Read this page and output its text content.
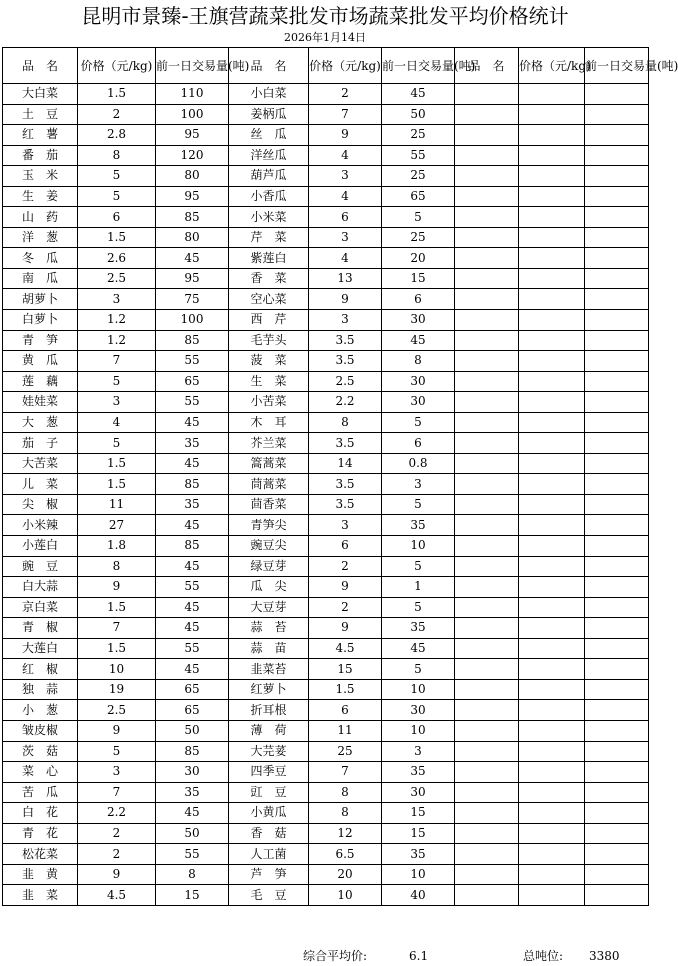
昆明市景臻-王旗营蔬菜批发市场蔬菜批发平均价格统计
2026年1月14日
品　名	价格（元/kg)	前一日交易量(吨)	品　名	价格（元/kg)	前一日交易量(吨)	品　名	价格（元/kg)	前一日交易量(吨)
大白菜	1.5	110	小白菜	2	45			
土　豆	2	100	姜柄瓜	7	50			
红　薯	2.8	95	丝　瓜	9	25			
番　茄	8	120	洋丝瓜	4	55			
玉　米	5	80	葫芦瓜	3	25			
生　姜	5	95	小香瓜	4	65			
山　药	6	85	小米菜	6	5			
洋　葱	1.5	80	芹　菜	3	25			
冬　瓜	2.6	45	紫莲白	4	20			
南　瓜	2.5	95	香　菜	13	15			
胡萝卜	3	75	空心菜	9	6			
白萝卜	1.2	100	西　芹	3	30			
青　笋	1.2	85	毛芋头	3.5	45			
黄　瓜	7	55	菠　菜	3.5	8			
莲　藕	5	65	生　菜	2.5	30			
娃娃菜	3	55	小苦菜	2.2	30			
大　葱	4	45	木　耳	8	5			
茄　子	5	35	芥兰菜	3.5	6			
大苦菜	1.5	45	篙蒿菜	14	0.8			
儿　菜	1.5	85	茼蒿菜	3.5	3			
尖　椒	11	35	茴香菜	3.5	5			
小米辣	27	45	青笋尖	3	35			
小莲白	1.8	85	豌豆尖	6	10			
豌　豆	8	45	绿豆芽	2	5			
白大蒜	9	55	瓜　尖	9	1			
京白菜	1.5	45	大豆芽	2	5			
青　椒	7	45	蒜　苔	9	35			
大莲白	1.5	55	蒜　苗	4.5	45			
红　椒	10	45	韭菜苔	15	5			
独　蒜	19	65	红萝卜	1.5	10			
小　葱	2.5	65	折耳根	6	30			
皱皮椒	9	50	薄　荷	11	10			
茨　菇	5	85	大芫荽	25	3			
菜　心	3	30	四季豆	7	35			
苦　瓜	7	35	豇　豆	8	30			
白　花	2.2	45	小黄瓜	8	15			
青　花	2	50	香　菇	12	15			
松花菜	2	55	人工菌	6.5	35			
韭　黄	9	8	芦　笋	20	10			
韭　菜	4.5	15	毛　豆	10	40			
综合平均价:	6.1	总吨位: 3380
